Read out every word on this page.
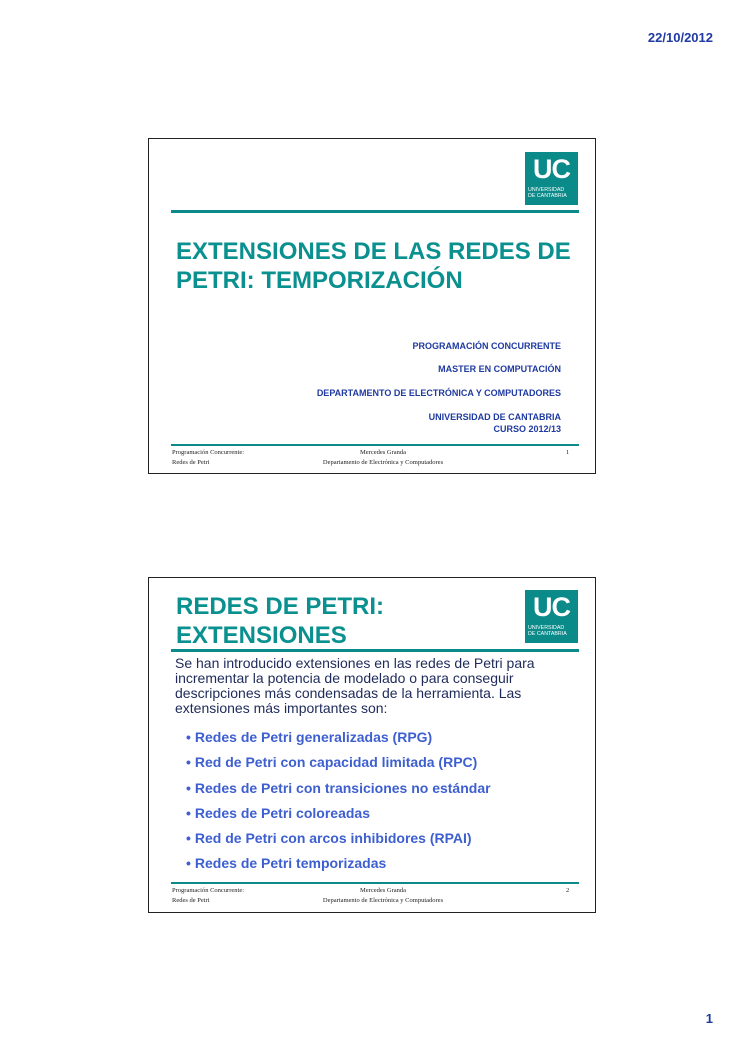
22/10/2012
UC
UNIVERSIDAD
DE CANTABRIA
EXTENSIONES DE LAS REDES DE PETRI: TEMPORIZACIÓN
PROGRAMACIÓN CONCURRENTE
MASTER EN COMPUTACIÓN
DEPARTAMENTO DE ELECTRÓNICA Y COMPUTADORES
UNIVERSIDAD DE CANTABRIA
CURSO 2012/13
Programación Concurrente:
Redes de Petri
Mercedes Granda
Departamento de Electrónica y Computadores
1
UC
UNIVERSIDAD
DE CANTABRIA
REDES DE PETRI: EXTENSIONES
Se han introducido extensiones en las redes de Petri para incrementar la potencia de modelado o para conseguir descripciones más condensadas de la herramienta. Las extensiones más importantes son:
• Redes de Petri generalizadas (RPG)
• Red de Petri con capacidad limitada (RPC)
• Redes de Petri con transiciones no estándar
• Redes de Petri coloreadas
• Red de Petri con arcos inhibidores (RPAI)
• Redes de Petri temporizadas
Programación Concurrente:
Redes de Petri
Mercedes Granda
Departamento de Electrónica y Computadores
2
1
